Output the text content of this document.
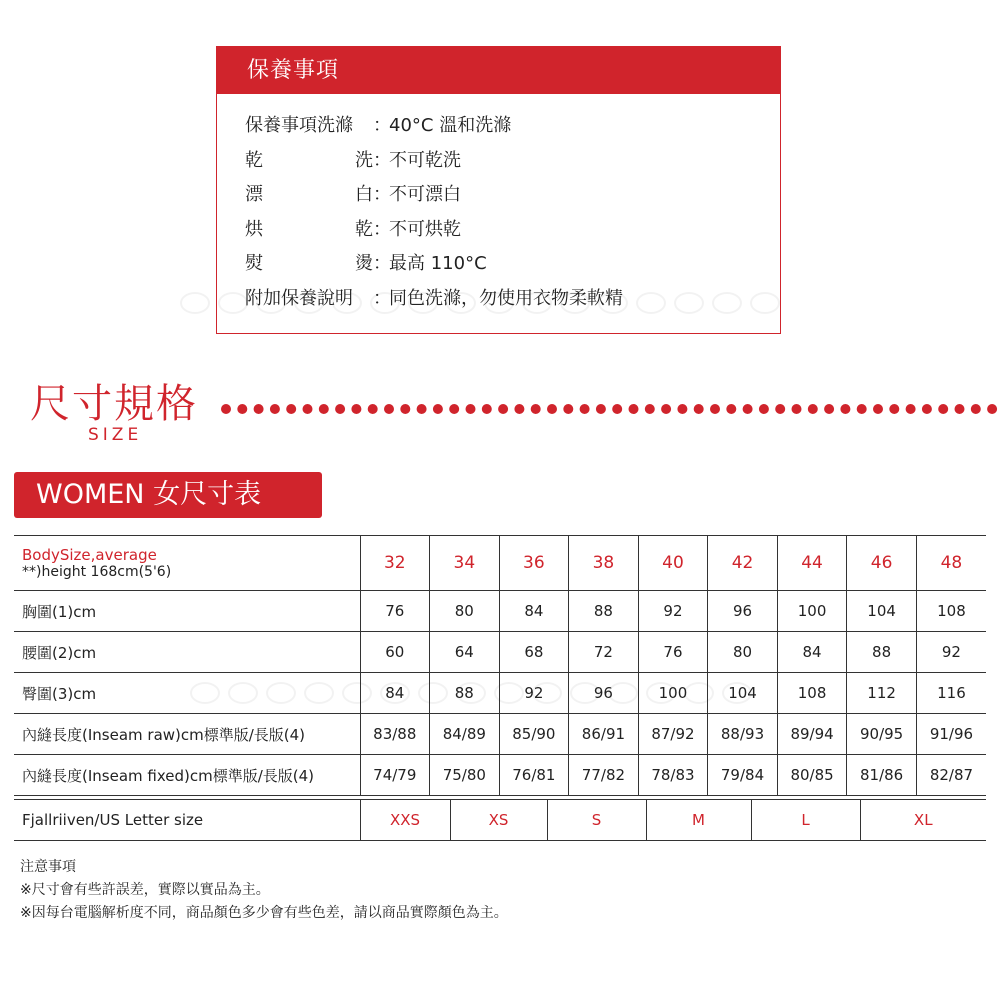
保養事項
保養事項洗滌 ：
40°C 溫和洗滌
乾	洗 ：
不可乾洗
漂	白 ：
不可漂白
烘	乾 ：
不可烘乾
熨	燙 ：
最高 110°C
附加保養說明 ：
同色洗滌，勿使用衣物柔軟精
尺寸規格
SIZE
WOMEN 女尺寸表
BodySize,average
**)height 168cm(5'6)	32	34	36	38	40	42	44	46	48
胸圍(1)cm	76	80	84	88	92	96	100	104	108
腰圍(2)cm	60	64	68	72	76	80	84	88	92
臀圍(3)cm	84	88	92	96	100	104	108	112	116
內縫長度(Inseam raw)cm標準版/長版(4)	83/88	84/89	85/90	86/91	87/92	88/93	89/94	90/95	91/96
內縫長度(Inseam fixed)cm標準版/長版(4)	74/79	75/80	76/81	77/82	78/83	79/84	80/85	81/86	82/87
Fjallriiven/US Letter size	XXS	XS	S	M	L	XL
注意事項
※尺寸會有些許誤差，實際以實品為主。
※因每台電腦解析度不同，商品顏色多少會有些色差，請以商品實際顏色為主。
